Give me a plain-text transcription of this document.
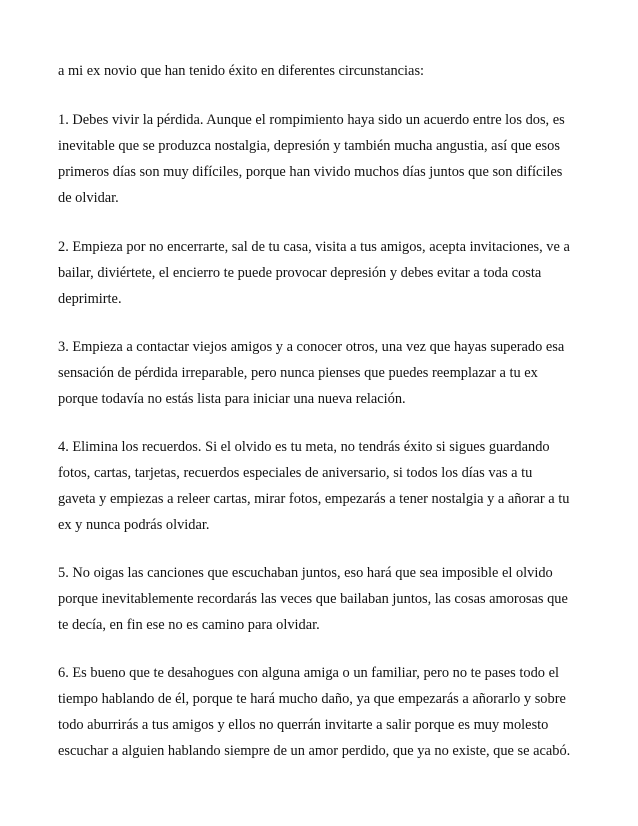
a mi ex novio que han tenido éxito en diferentes circunstancias:
1. Debes vivir la pérdida. Aunque el rompimiento haya sido un acuerdo entre los dos, es
inevitable que se produzca nostalgia, depresión y también mucha angustia, así que esos
primeros días son muy difíciles, porque han vivido muchos días juntos que son difíciles
de olvidar.
2. Empieza por no encerrarte, sal de tu casa, visita a tus amigos, acepta invitaciones, ve a
bailar, diviértete, el encierro te puede provocar depresión y debes evitar a toda costa
deprimirte.
3. Empieza a contactar viejos amigos y a conocer otros, una vez que hayas superado esa
sensación de pérdida irreparable, pero nunca pienses que puedes reemplazar a tu ex
porque todavía no estás lista para iniciar una nueva relación.
4. Elimina los recuerdos. Si el olvido es tu meta, no tendrás éxito si sigues guardando
fotos, cartas, tarjetas, recuerdos especiales de aniversario, si todos los días vas a tu
gaveta y empiezas a releer cartas, mirar fotos, empezarás a tener nostalgia y a añorar a tu
ex y nunca podrás olvidar.
5. No oigas las canciones que escuchaban juntos, eso hará que sea imposible el olvido
porque inevitablemente recordarás las veces que bailaban juntos, las cosas amorosas que
te decía, en fin ese no es camino para olvidar.
6. Es bueno que te desahogues con alguna amiga o un familiar, pero no te pases todo el
tiempo hablando de él, porque te hará mucho daño, ya que empezarás a añorarlo y sobre
todo aburrirás a tus amigos y ellos no querrán invitarte a salir porque es muy molesto
escuchar a alguien hablando siempre de un amor perdido, que ya no existe, que se acabó.
